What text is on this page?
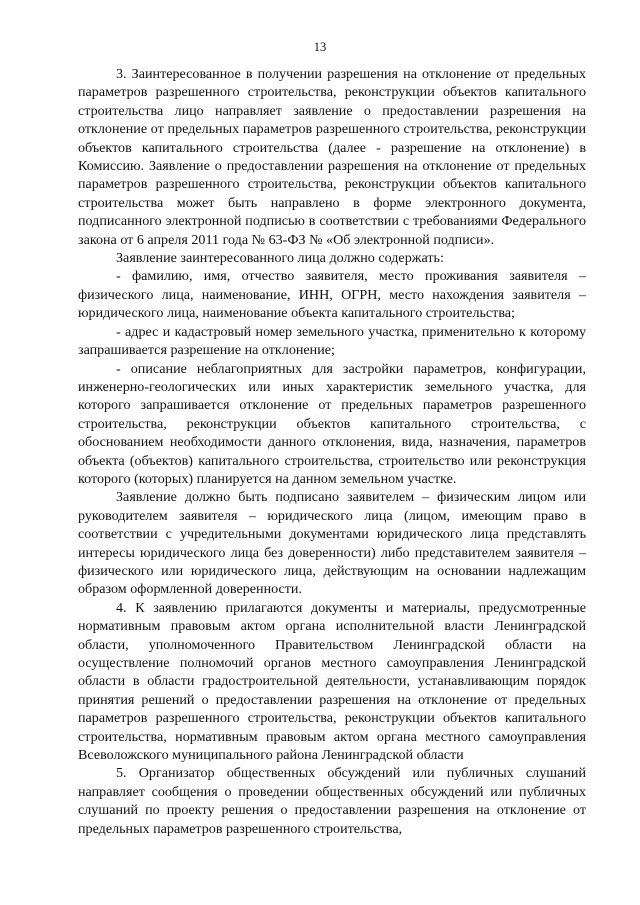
13

3. Заинтересованное в получении разрешения на отклонение от предельных параметров разрешенного строительства, реконструкции объектов капитального строительства лицо направляет заявление о предоставлении разрешения на отклонение от предельных параметров разрешенного строительства, реконструкции объектов капитального строительства (далее - разрешение на отклонение) в Комиссию. Заявление о предоставлении разрешения на отклонение от предельных параметров разрешенного строительства, реконструкции объектов капитального строительства может быть направлено в форме электронного документа, подписанного электронной подписью в соответствии с требованиями Федерального закона от 6 апреля 2011 года № 63-ФЗ № «Об электронной подписи».

Заявление заинтересованного лица должно содержать:

- фамилию, имя, отчество заявителя, место проживания заявителя – физического лица, наименование, ИНН, ОГРН, место нахождения заявителя – юридического лица, наименование объекта капитального строительства;

- адрес и кадастровый номер земельного участка, применительно к которому запрашивается разрешение на отклонение;

- описание неблагоприятных для застройки параметров, конфигурации, инженерно-геологических или иных характеристик земельного участка, для которого запрашивается отклонение от предельных параметров разрешенного строительства, реконструкции объектов капитального строительства, с обоснованием необходимости данного отклонения, вида, назначения, параметров объекта (объектов) капитального строительства, строительство или реконструкция которого (которых) планируется на данном земельном участке.

Заявление должно быть подписано заявителем – физическим лицом или руководителем заявителя – юридического лица (лицом, имеющим право в соответствии с учредительными документами юридического лица представлять интересы юридического лица без доверенности) либо представителем заявителя – физического или юридического лица, действующим на основании надлежащим образом оформленной доверенности.

4. К заявлению прилагаются документы и материалы, предусмотренные нормативным правовым актом органа исполнительной власти Ленинградской области, уполномоченного Правительством Ленинградской области на осуществление полномочий органов местного самоуправления Ленинградской области в области градостроительной деятельности, устанавливающим порядок принятия решений о предоставлении разрешения на отклонение от предельных параметров разрешенного строительства, реконструкции объектов капитального строительства, нормативным правовым актом органа местного самоуправления Всеволожского муниципального района Ленинградской области

5. Организатор общественных обсуждений или публичных слушаний направляет сообщения о проведении общественных обсуждений или публичных слушаний по проекту решения о предоставлении разрешения на отклонение от предельных параметров разрешенного строительства,
